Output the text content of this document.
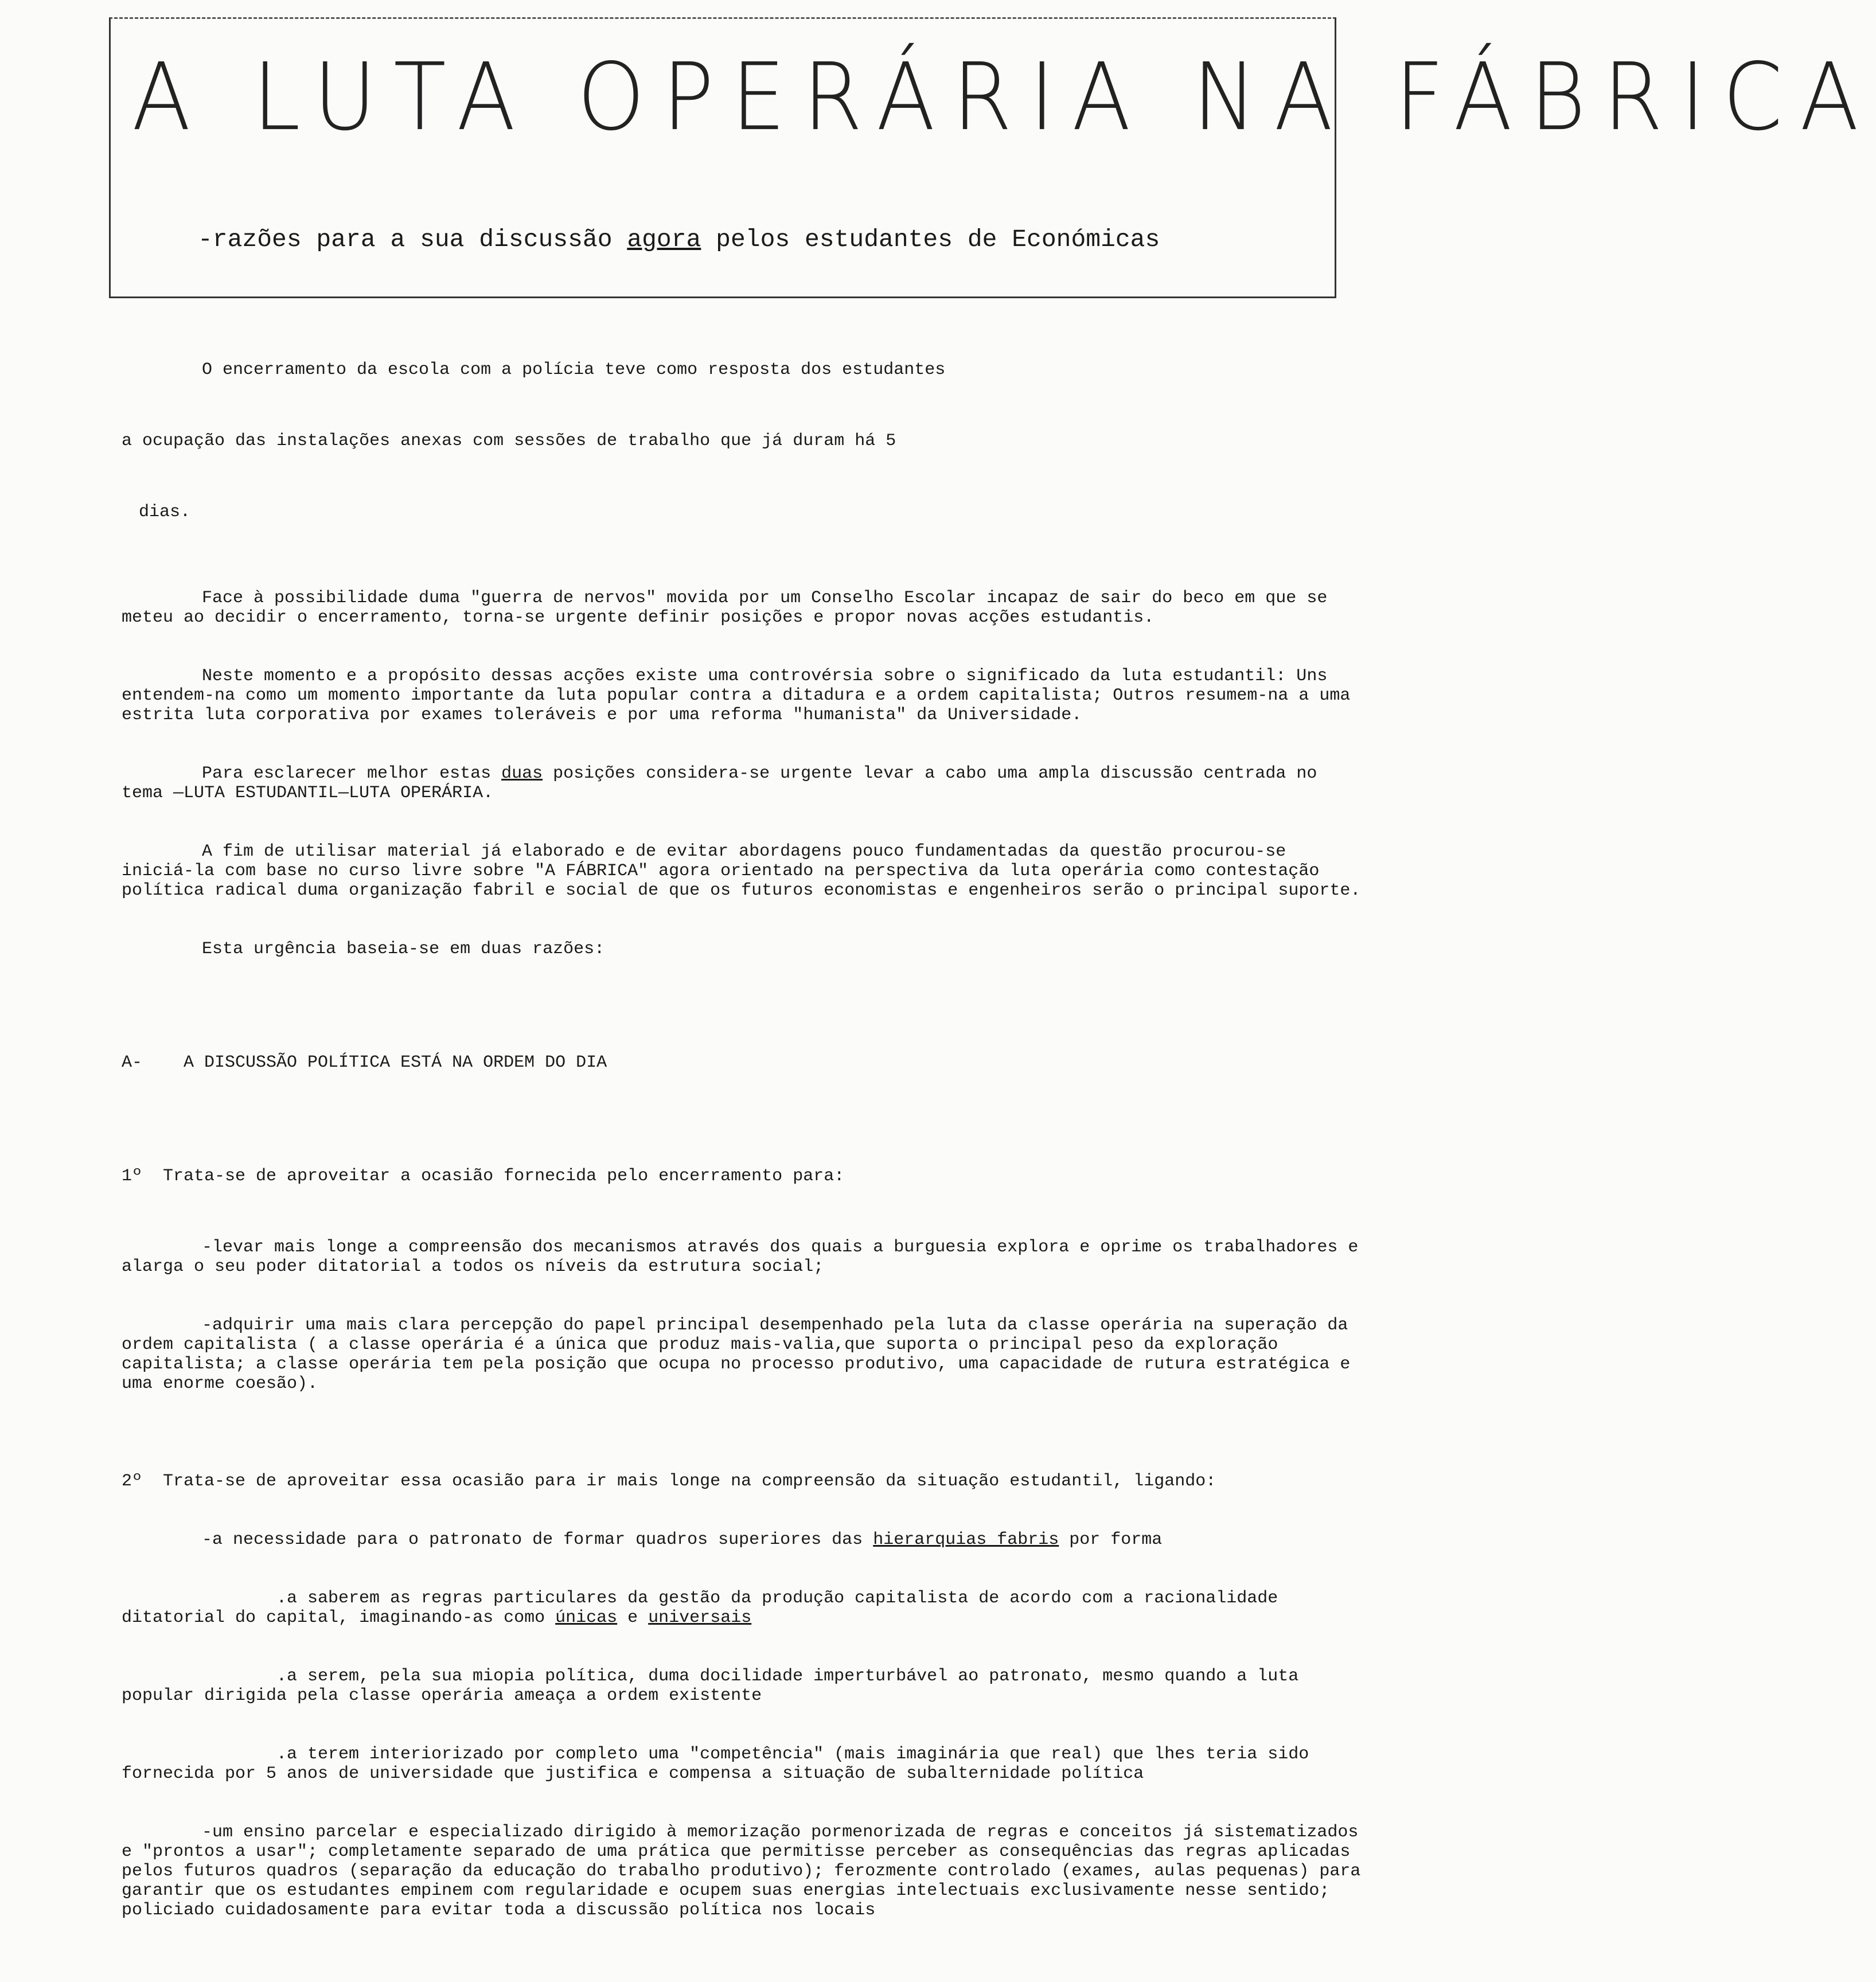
A LUTA OPERÁRIA NA FÁBRICA
-razões para a sua discussão agora pelos estudantes de Económicas

O encerramento da escola com a polícia teve como resposta dos estudantes

a ocupação das instalações anexas com sessões de trabalho que já duram há 5

dias.

Face à possibilidade duma "guerra de nervos" movida por um Conselho Escolar incapaz de sair do beco em que se meteu ao decidir o encerramento, torna-se urgente definir posições e propor novas acções estudantis.

Neste momento e a propósito dessas acções existe uma controvérsia sobre o significado da luta estudantil: Uns entendem-na como um momento importante da luta popular contra a ditadura e a ordem capitalista; Outros resumem-na a uma estrita luta corporativa por exames toleráveis e por uma reforma "humanista" da Universidade.

Para esclarecer melhor estas duas posições considera-se urgente levar a cabo uma ampla discussão centrada no tema —LUTA ESTUDANTIL—LUTA OPERÁRIA.

A fim de utilisar material já elaborado e de evitar abordagens pouco fundamentadas da questão procurou-se iniciá-la com base no curso livre sobre "A FÁBRICA" agora orientado na perspectiva da luta operária como contestação política radical duma organização fabril e social de que os futuros economistas e engenheiros serão o principal suporte.

Esta urgência baseia-se em duas razões:

A-    A DISCUSSÃO POLÍTICA ESTÁ NA ORDEM DO DIA

1º  Trata-se de aproveitar a ocasião fornecida pelo encerramento para:

-levar mais longe a compreensão dos mecanismos através dos quais a burguesia explora e oprime os trabalhadores e alarga o seu poder ditatorial a todos os níveis da estrutura social;

-adquirir uma mais clara percepção do papel principal desempenhado pela luta da classe operária na superação da ordem capitalista ( a classe operária é a única que produz mais-valia,que suporta o principal peso da exploração capitalista; a classe operária tem pela posição que ocupa no processo produtivo, uma capacidade de rutura estratégica e uma enorme coesão).

2º  Trata-se de aproveitar essa ocasião para ir mais longe na compreensão da situação estudantil, ligando:

-a necessidade para o patronato de formar quadros superiores das hierarquias fabris por forma

.a saberem as regras particulares da gestão da produção capitalista de acordo com a racionalidade ditatorial do capital, imaginando-as como únicas e universais

.a serem, pela sua miopia política, duma docilidade imperturbável ao patronato, mesmo quando a luta popular dirigida pela classe operária ameaça a ordem existente

.a terem interiorizado por completo uma "competência" (mais imaginária que real) que lhes teria sido fornecida por 5 anos de universidade que justifica e compensa a situação de subalternidade política

-um ensino parcelar e especializado dirigido à memorização pormenorizada de regras e conceitos já sistematizados e "prontos a usar"; completamente separado de uma prática que permitisse perceber as consequências das regras aplicadas pelos futuros quadros (separação da educação do trabalho produtivo); ferozmente controlado (exames, aulas pequenas) para garantir que os estudantes empinem com regularidade e ocupem suas energias intelectuais exclusivamente nesse sentido; policiado cuidadosamente para evitar toda a discussão política nos locais
